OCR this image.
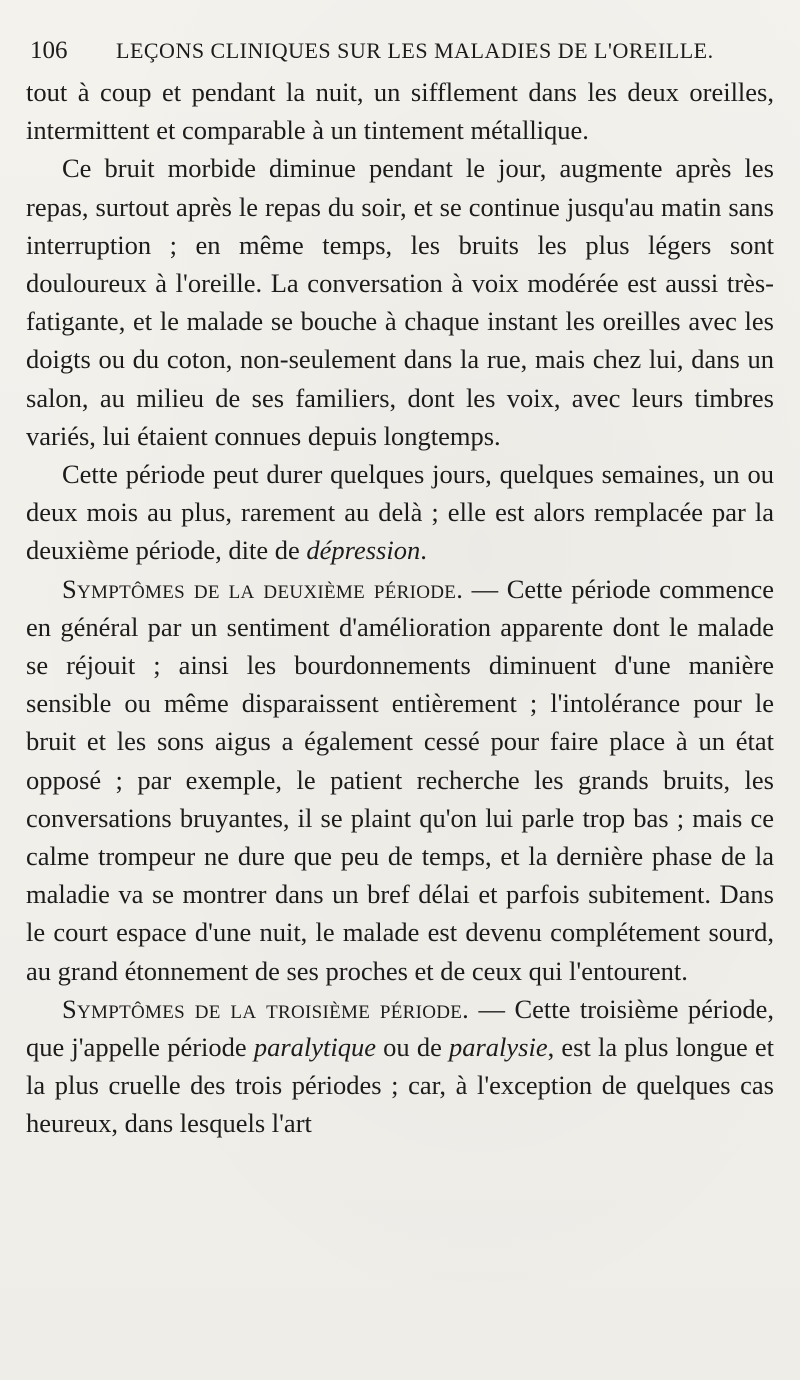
106 LEÇONS CLINIQUES SUR LES MALADIES DE L'OREILLE.

tout à coup et pendant la nuit, un sifflement dans les deux oreilles, intermittent et comparable à un tintement métallique.

Ce bruit morbide diminue pendant le jour, augmente après les repas, surtout après le repas du soir, et se continue jusqu'au matin sans interruption ; en même temps, les bruits les plus légers sont douloureux à l'oreille. La conversation à voix modérée est aussi très-fatigante, et le malade se bouche à chaque instant les oreilles avec les doigts ou du coton, non-seulement dans la rue, mais chez lui, dans un salon, au milieu de ses familiers, dont les voix, avec leurs timbres variés, lui étaient connues depuis longtemps.

Cette période peut durer quelques jours, quelques semaines, un ou deux mois au plus, rarement au delà ; elle est alors remplacée par la deuxième période, dite de dépression.

Symptômes de la deuxième période. — Cette période commence en général par un sentiment d'amélioration apparente dont le malade se réjouit ; ainsi les bourdonnements diminuent d'une manière sensible ou même disparaissent entièrement ; l'intolérance pour le bruit et les sons aigus a également cessé pour faire place à un état opposé ; par exemple, le patient recherche les grands bruits, les conversations bruyantes, il se plaint qu'on lui parle trop bas ; mais ce calme trompeur ne dure que peu de temps, et la dernière phase de la maladie va se montrer dans un bref délai et parfois subitement. Dans le court espace d'une nuit, le malade est devenu complétement sourd, au grand étonnement de ses proches et de ceux qui l'entourent.

Symptômes de la troisième période. — Cette troisième période, que j'appelle période paralytique ou de paralysie, est la plus longue et la plus cruelle des trois périodes ; car, à l'exception de quelques cas heureux, dans lesquels l'art
